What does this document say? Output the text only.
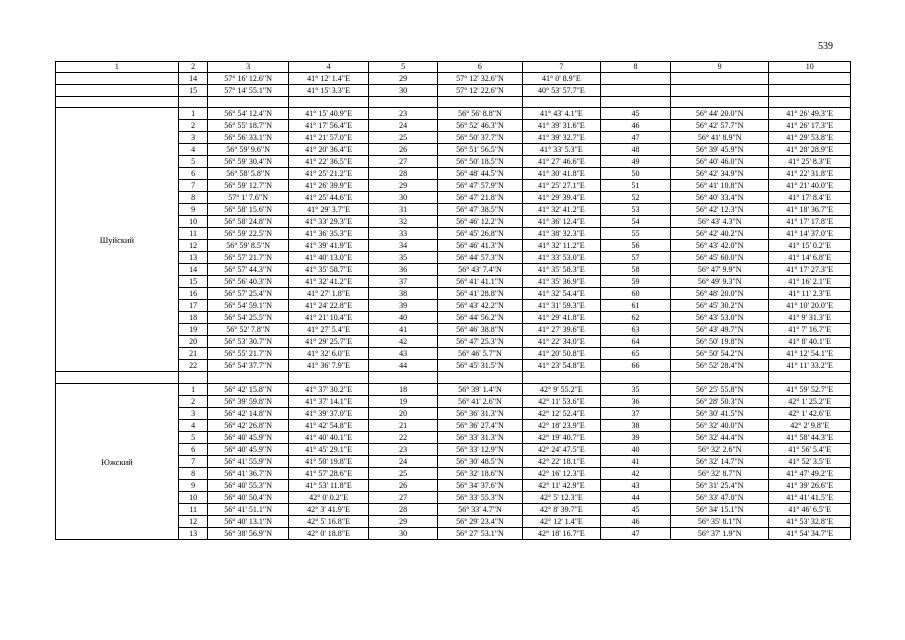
539
1	2	3	4	5	6	7	8	9	10
	14	57° 16' 12.6"N	41° 12' 1.4"E	29	57° 12' 32.6"N	41° 0' 8.9"E			
	15	57° 14' 55.1"N	41° 15' 3.3"E	30	57° 12' 22.6"N	40° 53' 57.7"E			

Шуйский	1	56° 54' 12.4"N	41° 15' 40.9"E	23	56° 56' 8.8"N	41° 43' 4.1"E	45	56° 44' 20.0"N	41° 26' 49.3"E
	2	56° 55' 18.7"N	41° 17' 56.4"E	24	56° 52' 46.3"N	41° 39' 31.6"E	46	56° 42' 57.7"N	41° 26' 17.3"E
	3	56° 56' 33.1"N	41° 21' 57.0"E	25	56° 50' 37.7"N	41° 39' 32.7"E	47	56° 41' 8.9"N	41° 29' 53.8"E
	4	56° 59' 9.6"N	41° 20' 36.4"E	26	56° 51' 56.5"N	41° 33' 5.3"E	48	56° 39' 45.9"N	41° 28' 28.9"E
	5	56° 59' 30.4"N	41° 22' 36.5"E	27	56° 50' 18.5"N	41° 27' 46.6"E	49	56° 40' 46.0"N	41° 25' 8.3"E
	6	56° 58' 5.8"N	41° 25' 21.2"E	28	56° 48' 44.5"N	41° 30' 41.8"E	50	56° 42' 34.9"N	41° 22' 31.8"E
	7	56° 59' 12.7"N	41° 26' 39.9"E	29	56° 47' 57.9"N	41° 25' 27.1"E	51	56° 41' 10.8"N	41° 21' 40.0"E
	8	57° 1' 7.6"N	41° 25' 44.6"E	30	56° 47' 21.8"N	41° 29' 39.4"E	52	56° 40' 33.4"N	41° 17' 8.4"E
	9	56° 58' 15.6"N	41° 29' 3.7"E	31	56° 47' 38.5"N	41° 32' 41.2"E	53	56° 42' 12.3"N	41° 18' 36.7"E
	10	56° 58' 24.8"N	41° 33' 29.3"E	32	56° 46' 12.2"N	41° 36' 12.4"E	54	56° 43' 4.3"N	41° 17' 17.8"E
	11	56° 59' 22.5"N	41° 36' 35.3"E	33	56° 45' 26.8"N	41° 38' 32.3"E	55	56° 42' 40.2"N	41° 14' 37.0"E
	12	56° 59' 8.5"N	41° 39' 41.9"E	34	56° 46' 41.3"N	41° 32' 11.2"E	56	56° 43' 42.0"N	41° 15' 0.2"E
	13	56° 57' 21.7"N	41° 40' 13.0"E	35	56° 44' 57.3"N	41° 33' 53.0"E	57	56° 45' 60.0"N	41° 14' 6.8"E
	14	56° 57' 44.3"N	41° 35' 58.7"E	36	56° 43' 7.4"N	41° 35' 58.3"E	58	56° 47' 9.9"N	41° 17' 27.3"E
	15	56° 56' 40.3"N	41° 32' 41.2"E	37	56° 41' 41.1"N	41° 35' 36.9"E	59	56° 49' 9.3"N	41° 16' 2.1"E
	16	56° 57' 25.4"N	41° 27' 1.8"E	38	56° 41' 28.8"N	41° 32' 54.4"E	60	56° 48' 20.0"N	41° 11' 2.3"E
	17	56° 54' 59.1"N	41° 24' 22.8"E	39	56° 43' 42.2"N	41° 31' 59.3"E	61	56° 45' 30.2"N	41° 10' 20.0"E
	18	56° 54' 25.5"N	41° 21' 10.4"E	40	56° 44' 56.2"N	41° 29' 41.8"E	62	56° 43' 53.0"N	41° 9' 31.3"E
	19	56° 52' 7.8"N	41° 27' 5.4"E	41	56° 46' 38.8"N	41° 27' 39.6"E	63	56° 43' 49.7"N	41° 7' 16.7"E
	20	56° 53' 30.7"N	41° 29' 25.7"E	42	56° 47' 25.3"N	41° 22' 34.0"E	64	56° 50' 19.8"N	41° 8' 40.1"E
	21	56° 55' 21.7"N	41° 32' 6.0"E	43	56° 46' 5.7"N	41° 20' 50.8"E	65	56° 50' 54.2"N	41° 12' 54.1"E
	22	56° 54' 37.7"N	41° 36' 7.9"E	44	56° 45' 31.5"N	41° 23' 54.8"E	66	56° 52' 28.4"N	41° 11' 33.2"E

Южский	1	56° 42' 15.8"N	41° 37' 30.2"E	18	56° 39' 1.4"N	42° 9' 55.2"E	35	56° 25' 55.8"N	41° 59' 52.7"E
	2	56° 39' 59.8"N	41° 37' 14.1"E	19	56° 41' 2.6"N	42° 11' 53.6"E	36	56° 28' 50.3"N	42° 1' 25.2"E
	3	56° 42' 14.8"N	41° 39' 37.0"E	20	56° 36' 31.3"N	42° 12' 52.4"E	37	56° 30' 41.5"N	42° 1' 42.6"E
	4	56° 42' 26.8"N	41° 42' 54.8"E	21	56° 36' 27.4"N	42° 18' 23.9"E	38	56° 32' 40.0"N	42° 2' 9.8"E
	5	56° 40' 45.9"N	41° 40' 40.1"E	22	56° 33' 31.3"N	42° 19' 40.7"E	39	56° 32' 44.4"N	41° 58' 44.3"E
	6	56° 40' 45.9"N	41° 45' 29.1"E	23	56° 33' 12.9"N	42° 24' 47.5"E	40	56° 32' 2.6"N	41° 56' 5.4"E
	7	56° 41' 55.9"N	41° 50' 19.8"E	24	56° 30' 48.5"N	42° 22' 18.1"E	41	56° 32' 14.7"N	41° 52' 3.5"E
	8	56° 41' 36.7"N	41° 57' 28.6"E	25	56° 32' 18.6"N	42° 16' 12.3"E	42	56° 32' 8.7"N	41° 47' 49.2"E
	9	56° 40' 55.3"N	41° 53' 11.8"E	26	56° 34' 37.6"N	42° 11' 42.9"E	43	56° 31' 25.4"N	41° 39' 26.6"E
	10	56° 40' 50.4"N	42° 0' 0.2"E	27	56° 33' 55.3"N	42° 5' 12.3"E	44	56° 33' 47.0"N	41° 41' 41.5"E
	11	56° 41' 51.1"N	42° 3' 41.9"E	28	56° 33' 4.7"N	42° 8' 39.7"E	45	56° 34' 15.1"N	41° 46' 6.5"E
	12	56° 40' 13.1"N	42° 5' 16.8"E	29	56° 29' 23.4"N	42° 12' 1.4"E	46	56° 35' 8.1"N	41° 53' 32.8"E
	13	56° 38' 56.9"N	42° 0' 18.8"E	30	56° 27' 53.1"N	42° 18' 16.7"E	47	56° 37' 1.9"N	41° 54' 34.7"E
